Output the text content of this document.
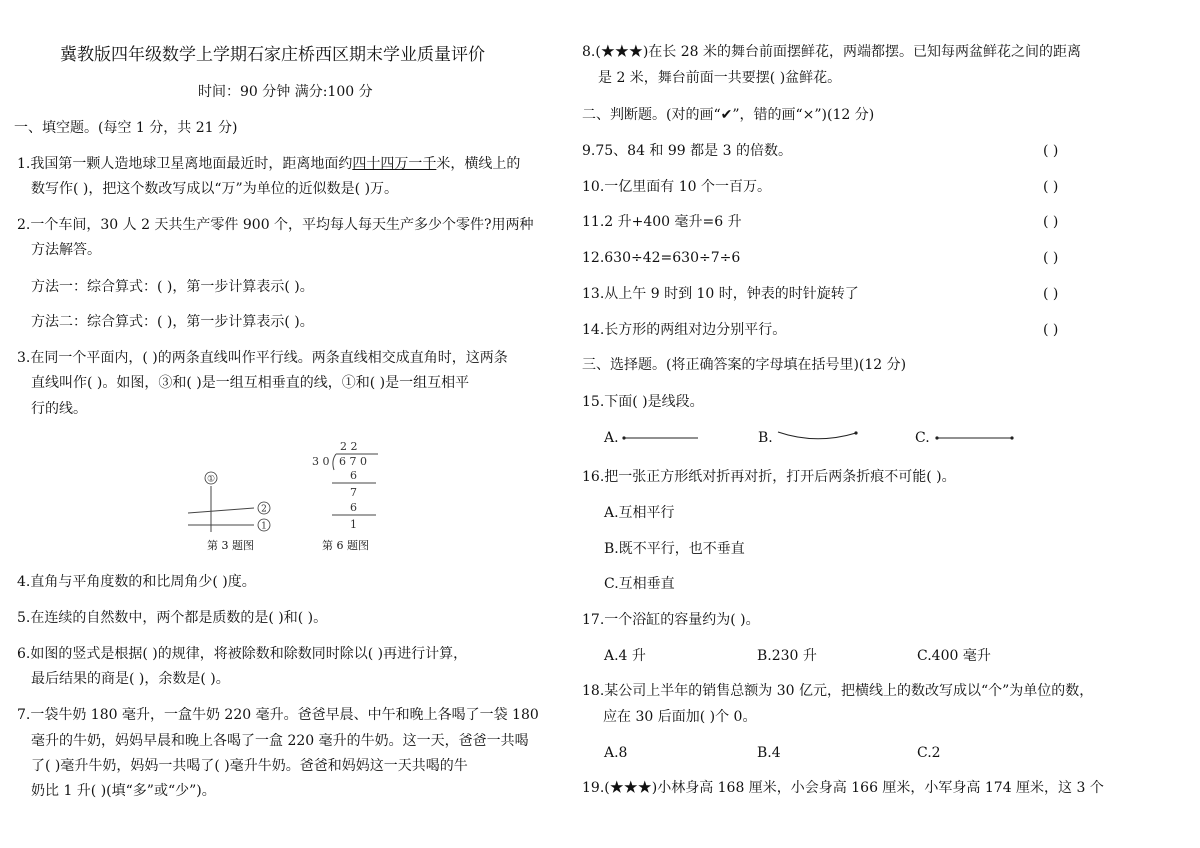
冀教版四年级数学上学期石家庄桥西区期末学业质量评价
时间：90 分钟 满分:100 分
一、填空题。(每空 1 分，共 21 分)
1.我国第一颗人造地球卫星离地面最近时，距离地面约四十四万一千米，横线上的
数写作( )，把这个数改写成以“万”为单位的近似数是( )万。
2.一个车间，30 人 2 天共生产零件 900 个，平均每人每天生产多少个零件?用两种
方法解答。
方法一：综合算式：( )，第一步计算表示( )。
方法二：综合算式：( )，第一步计算表示( )。
3.在同一个平面内，( )的两条直线叫作平行线。两条直线相交成直角时，这两条
直线叫作( )。如图，③和( )是一组互相垂直的线，①和( )是一组互相平
行的线。
①
2
1
第 3 题图
2 2
3 0 6 7 0
6
7
6
1
第 6 题图
4.直角与平角度数的和比周角少( )度。
5.在连续的自然数中，两个都是质数的是( )和( )。
6.如图的竖式是根据( )的规律，将被除数和除数同时除以( )再进行计算，
最后结果的商是( )，余数是( )。
7.一袋牛奶 180 毫升，一盒牛奶 220 毫升。爸爸早晨、中午和晚上各喝了一袋 180
毫升的牛奶，妈妈早晨和晚上各喝了一盒 220 毫升的牛奶。这一天，爸爸一共喝
了( )毫升牛奶，妈妈一共喝了( )毫升牛奶。爸爸和妈妈这一天共喝的牛
奶比 1 升( )(填“多”或“少”)。
8.(★★★)在长 28 米的舞台前面摆鲜花，两端都摆。已知每两盆鲜花之间的距离
是 2 米，舞台前面一共要摆( )盆鲜花。
二、判断题。(对的画“✔”，错的画“×”)(12 分)
9.75、84 和 99 都是 3 的倍数。	( )
10.一亿里面有 10 个一百万。	( )
11.2 升+400 毫升=6 升	( )
12.630÷42=630÷7÷6	( )
13.从上午 9 时到 10 时，钟表的时针旋转了	( )
14.长方形的两组对边分别平行。	( )
三、选择题。(将正确答案的字母填在括号里)(12 分)
15.下面( )是线段。
A.	B.	C.
16.把一张正方形纸对折再对折，打开后两条折痕不可能( )。
A.互相平行
B.既不平行，也不垂直
C.互相垂直
17.一个浴缸的容量约为( )。
A.4 升	B.230 升	C.400 毫升
18.某公司上半年的销售总额为 30 亿元，把横线上的数改写成以“个”为单位的数，
应在 30 后面加( )个 0。
A.8	B.4	C.2
19.(★★★)小林身高 168 厘米，小会身高 166 厘米，小军身高 174 厘米，这 3 个
